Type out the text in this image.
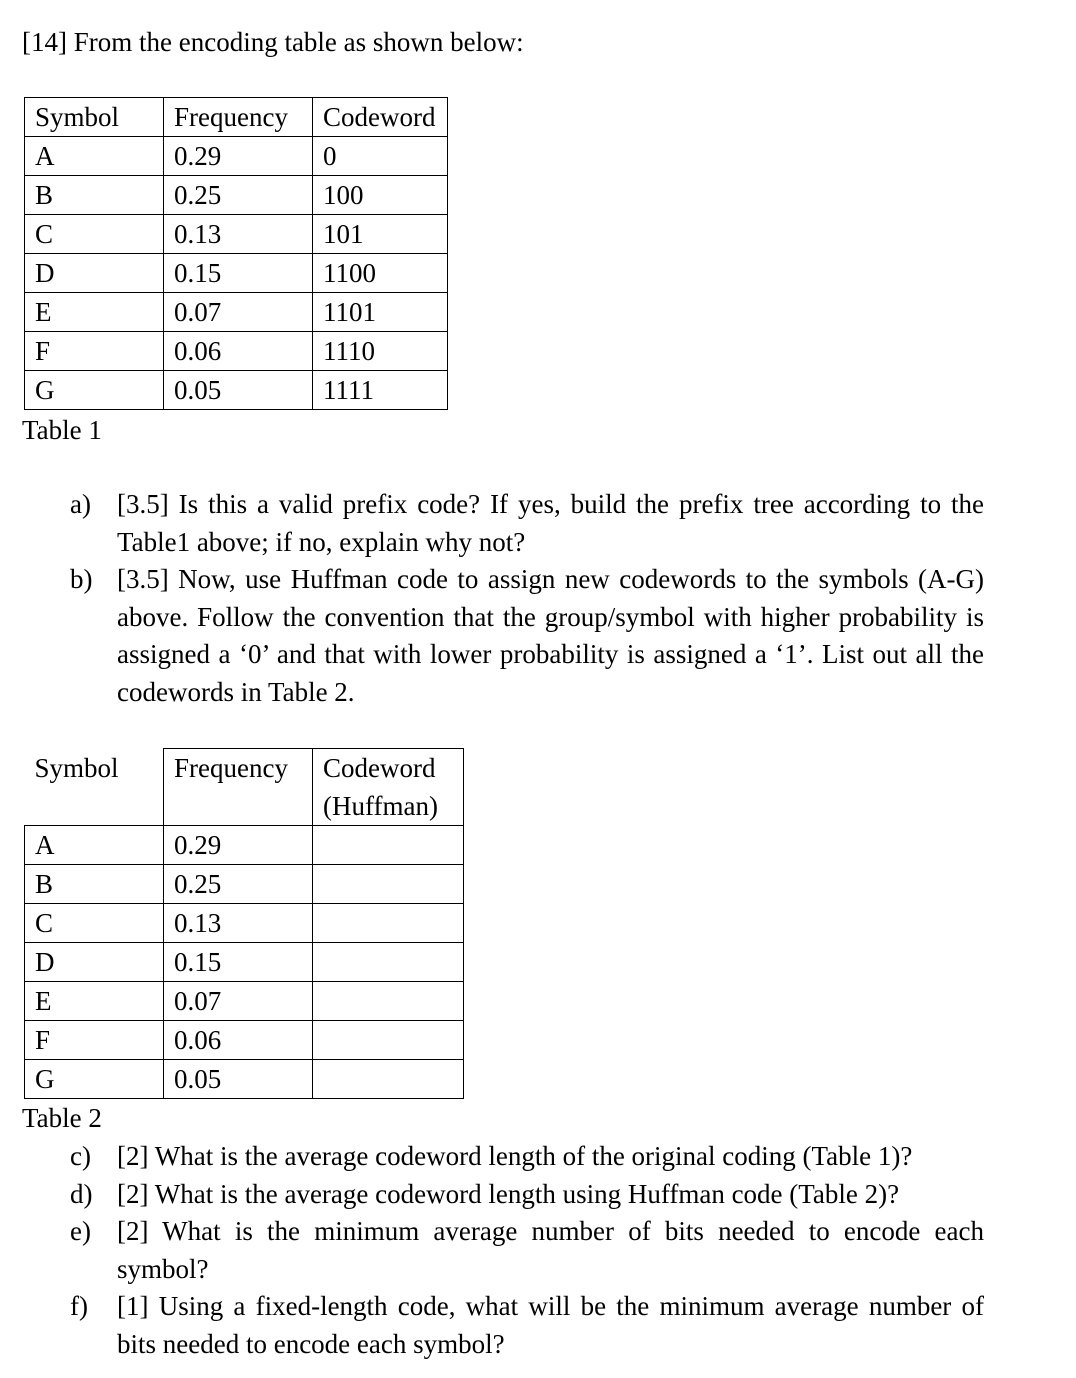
[14] From the encoding table as shown below:

Symbol	Frequency	Codeword
A	0.29	0
B	0.25	100
C	0.13	101
D	0.15	1100
E	0.07	1101
F	0.06	1110
G	0.05	1111

Table 1

a) [3.5] Is this a valid prefix code? If yes, build the prefix tree according to the Table1 above; if no, explain why not?
b) [3.5] Now, use Huffman code to assign new codewords to the symbols (A-G) above. Follow the convention that the group/symbol with higher probability is assigned a ‘0’ and that with lower probability is assigned a ‘1’. List out all the codewords in Table 2.
Symbol	Frequency	Codeword
(Huffman)
A	0.29	
B	0.25	
C	0.13	
D	0.15	
E	0.07	
F	0.06	
G	0.05	

Table 2

c) [2] What is the average codeword length of the original coding (Table 1)?
d) [2] What is the average codeword length using Huffman code (Table 2)?
e) [2] What is the minimum average number of bits needed to encode each symbol?
f) [1] Using a fixed-length code, what will be the minimum average number of bits needed to encode each symbol?
